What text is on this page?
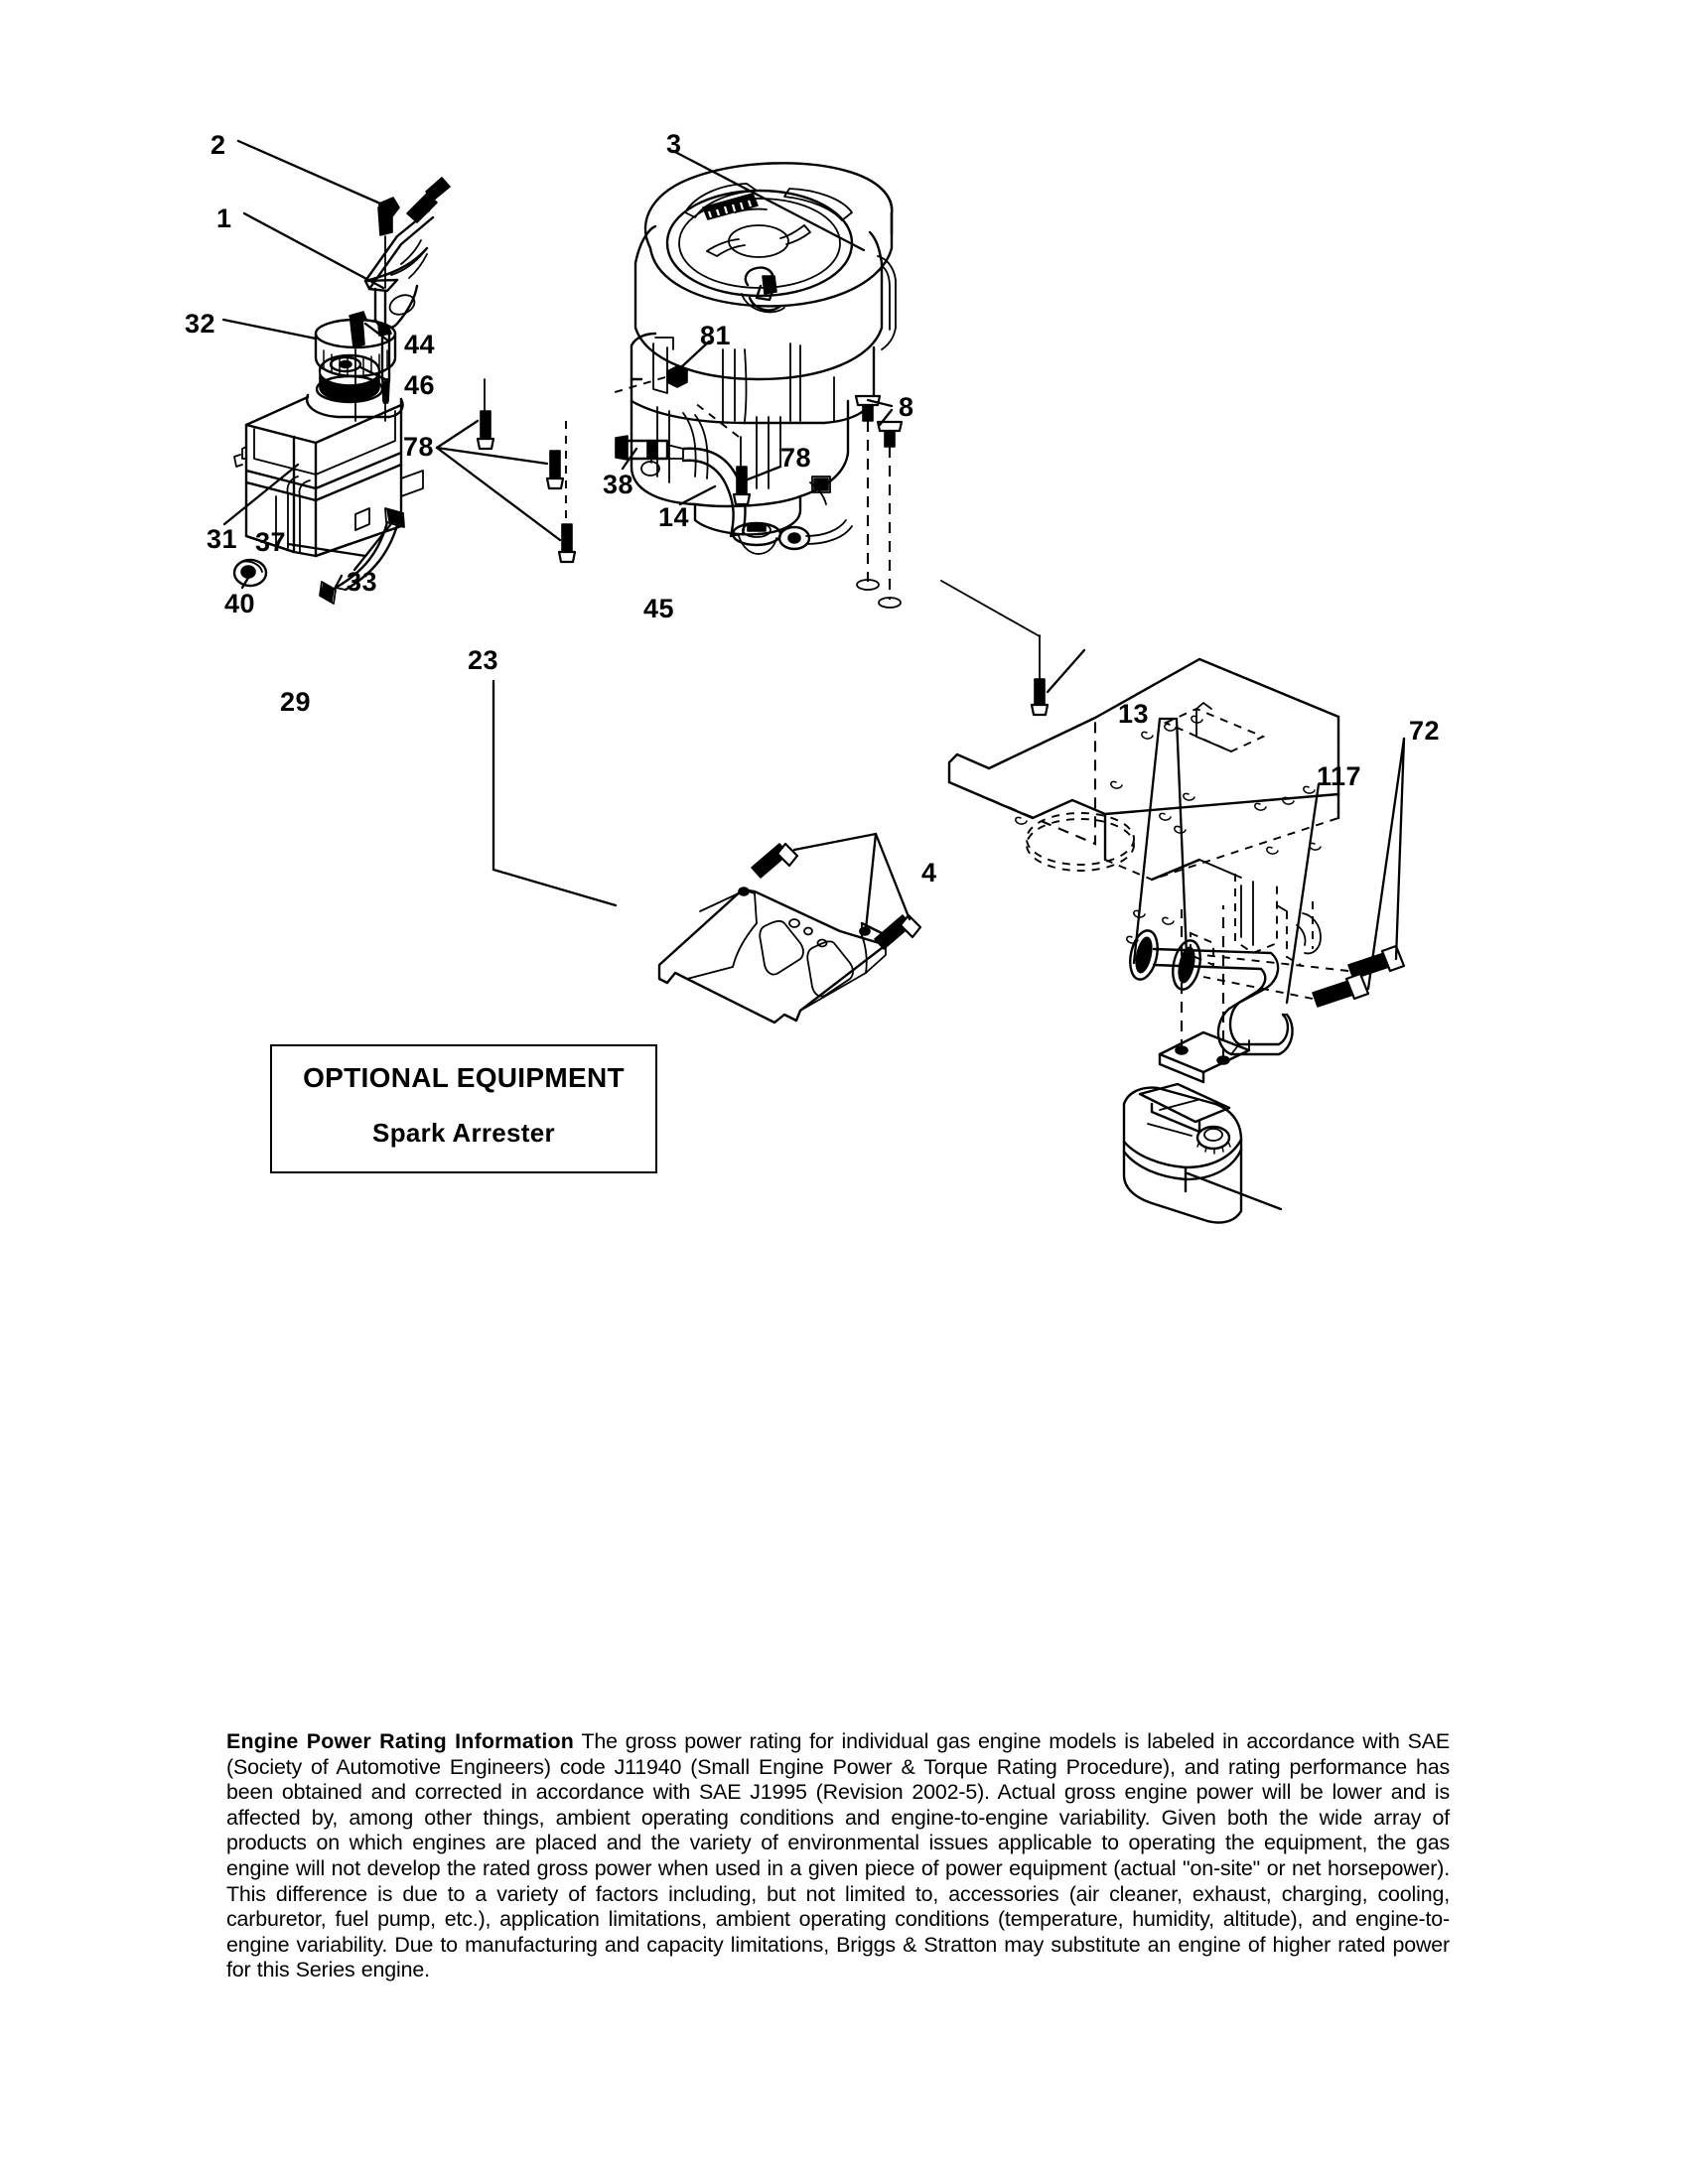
2
1
3
32
44
46
81
8
78	78
38
14
31 37
33
40	45
23
13
72
29
117
4
OPTIONAL EQUIPMENT
Spark Arrester
Engine Power Rating Information The gross power rating for individual gas engine models is labeled in accordance with SAE (Society of Automotive Engineers) code J11940 (Small Engine Power & Torque Rating Procedure), and rating performance has been obtained and corrected in accordance with SAE J1995 (Revision 2002-5). Actual gross engine power will be lower and is affected by, among other things, ambient operating conditions and engine-to-engine variability. Given both the wide array of products on which engines are placed and the variety of environmental issues applicable to operating the equipment, the gas engine will not develop the rated gross power when used in a given piece of power equipment (actual "on-site" or net horsepower). This difference is due to a variety of factors including, but not limited to, accessories (air cleaner, exhaust, charging, cooling, carburetor, fuel pump, etc.), application limitations, ambient operating conditions (temperature, humidity, altitude), and engine-to-engine variability. Due to manufacturing and capacity limitations, Briggs & Stratton may substitute an engine of higher rated power for this Series engine.
